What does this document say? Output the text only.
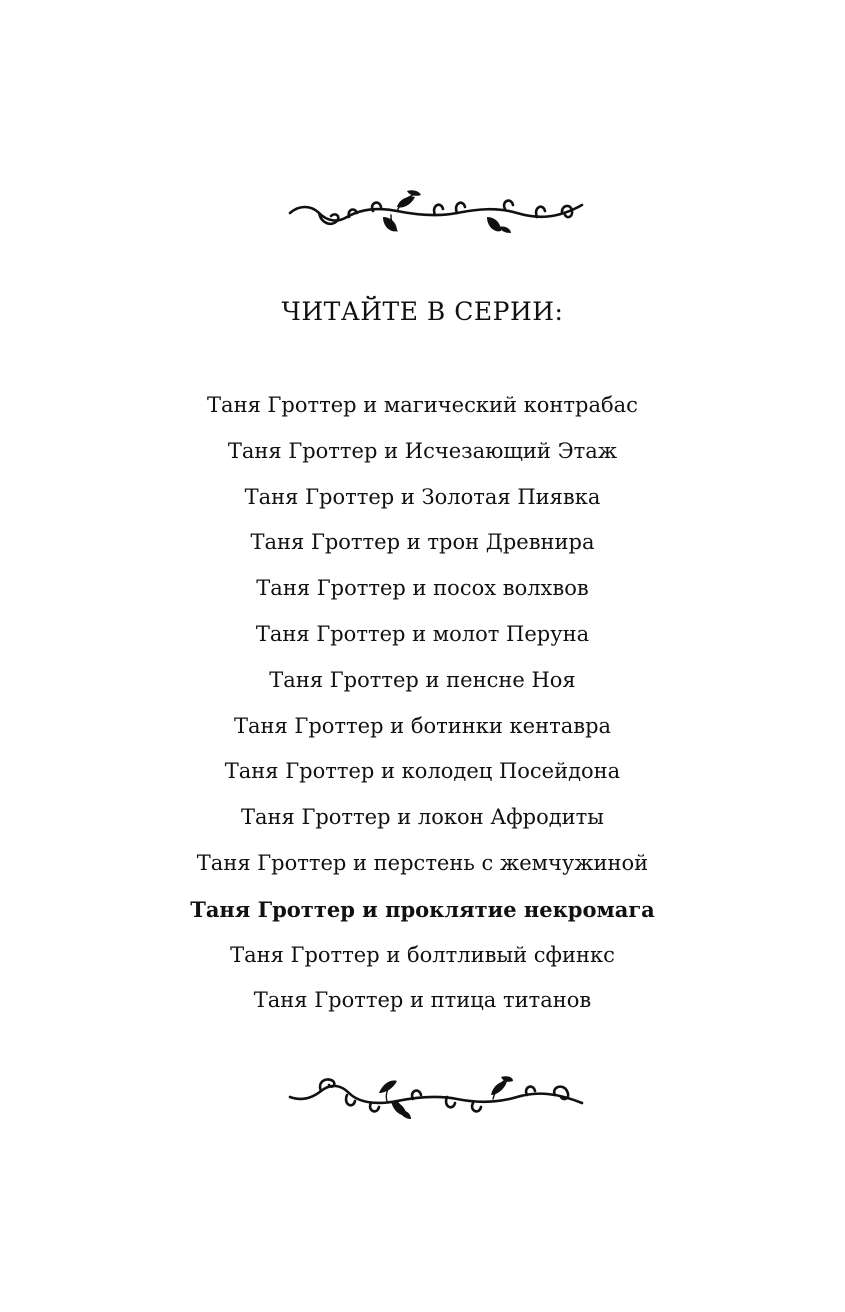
ЧИТАЙТЕ В СЕРИИ:
Таня Гроттер и магический контрабас
Таня Гроттер и Исчезающий Этаж
Таня Гроттер и Золотая Пиявка
Таня Гроттер и трон Древнира
Таня Гроттер и посох волхвов
Таня Гроттер и молот Перуна
Таня Гроттер и пенсне Ноя
Таня Гроттер и ботинки кентавра
Таня Гроттер и колодец Посейдона
Таня Гроттер и локон Афродиты
Таня Гроттер и перстень с жемчужиной
Таня Гроттер и проклятие некромага
Таня Гроттер и болтливый сфинкс
Таня Гроттер и птица титанов
